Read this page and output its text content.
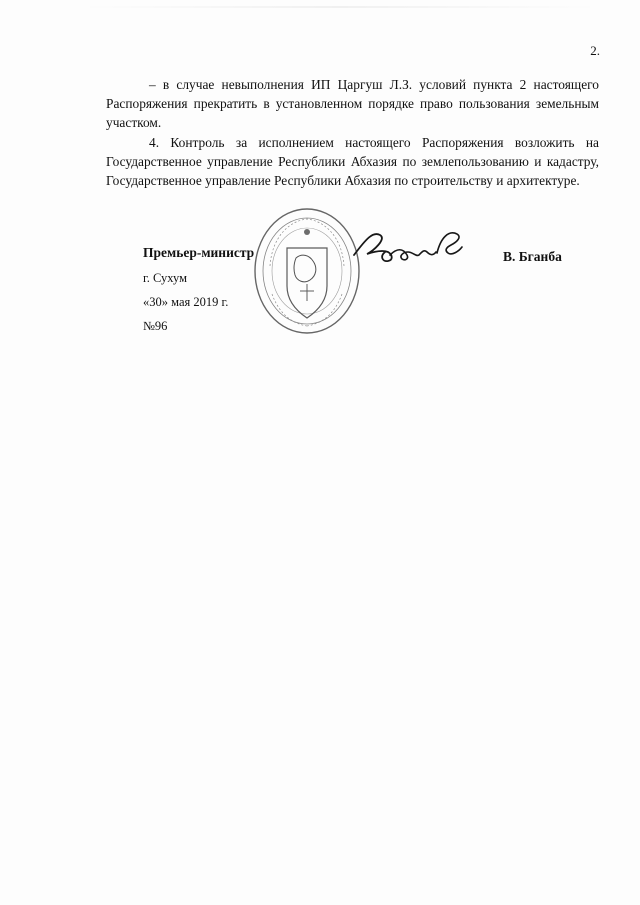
2.

– в случае невыполнения ИП Царгуш Л.З. условий пункта 2 настоящего Распоряжения прекратить в установленном порядке право пользования земельным участком.

4. Контроль за исполнением настоящего Распоряжения возложить на Государственное управление Республики Абхазия по землепользованию и кадастру, Государственное управление Республики Абхазия по строительству и архитектуре.

Премьер-министр	В. Бганба
г. Сухум
«30» мая 2019 г.
№96
